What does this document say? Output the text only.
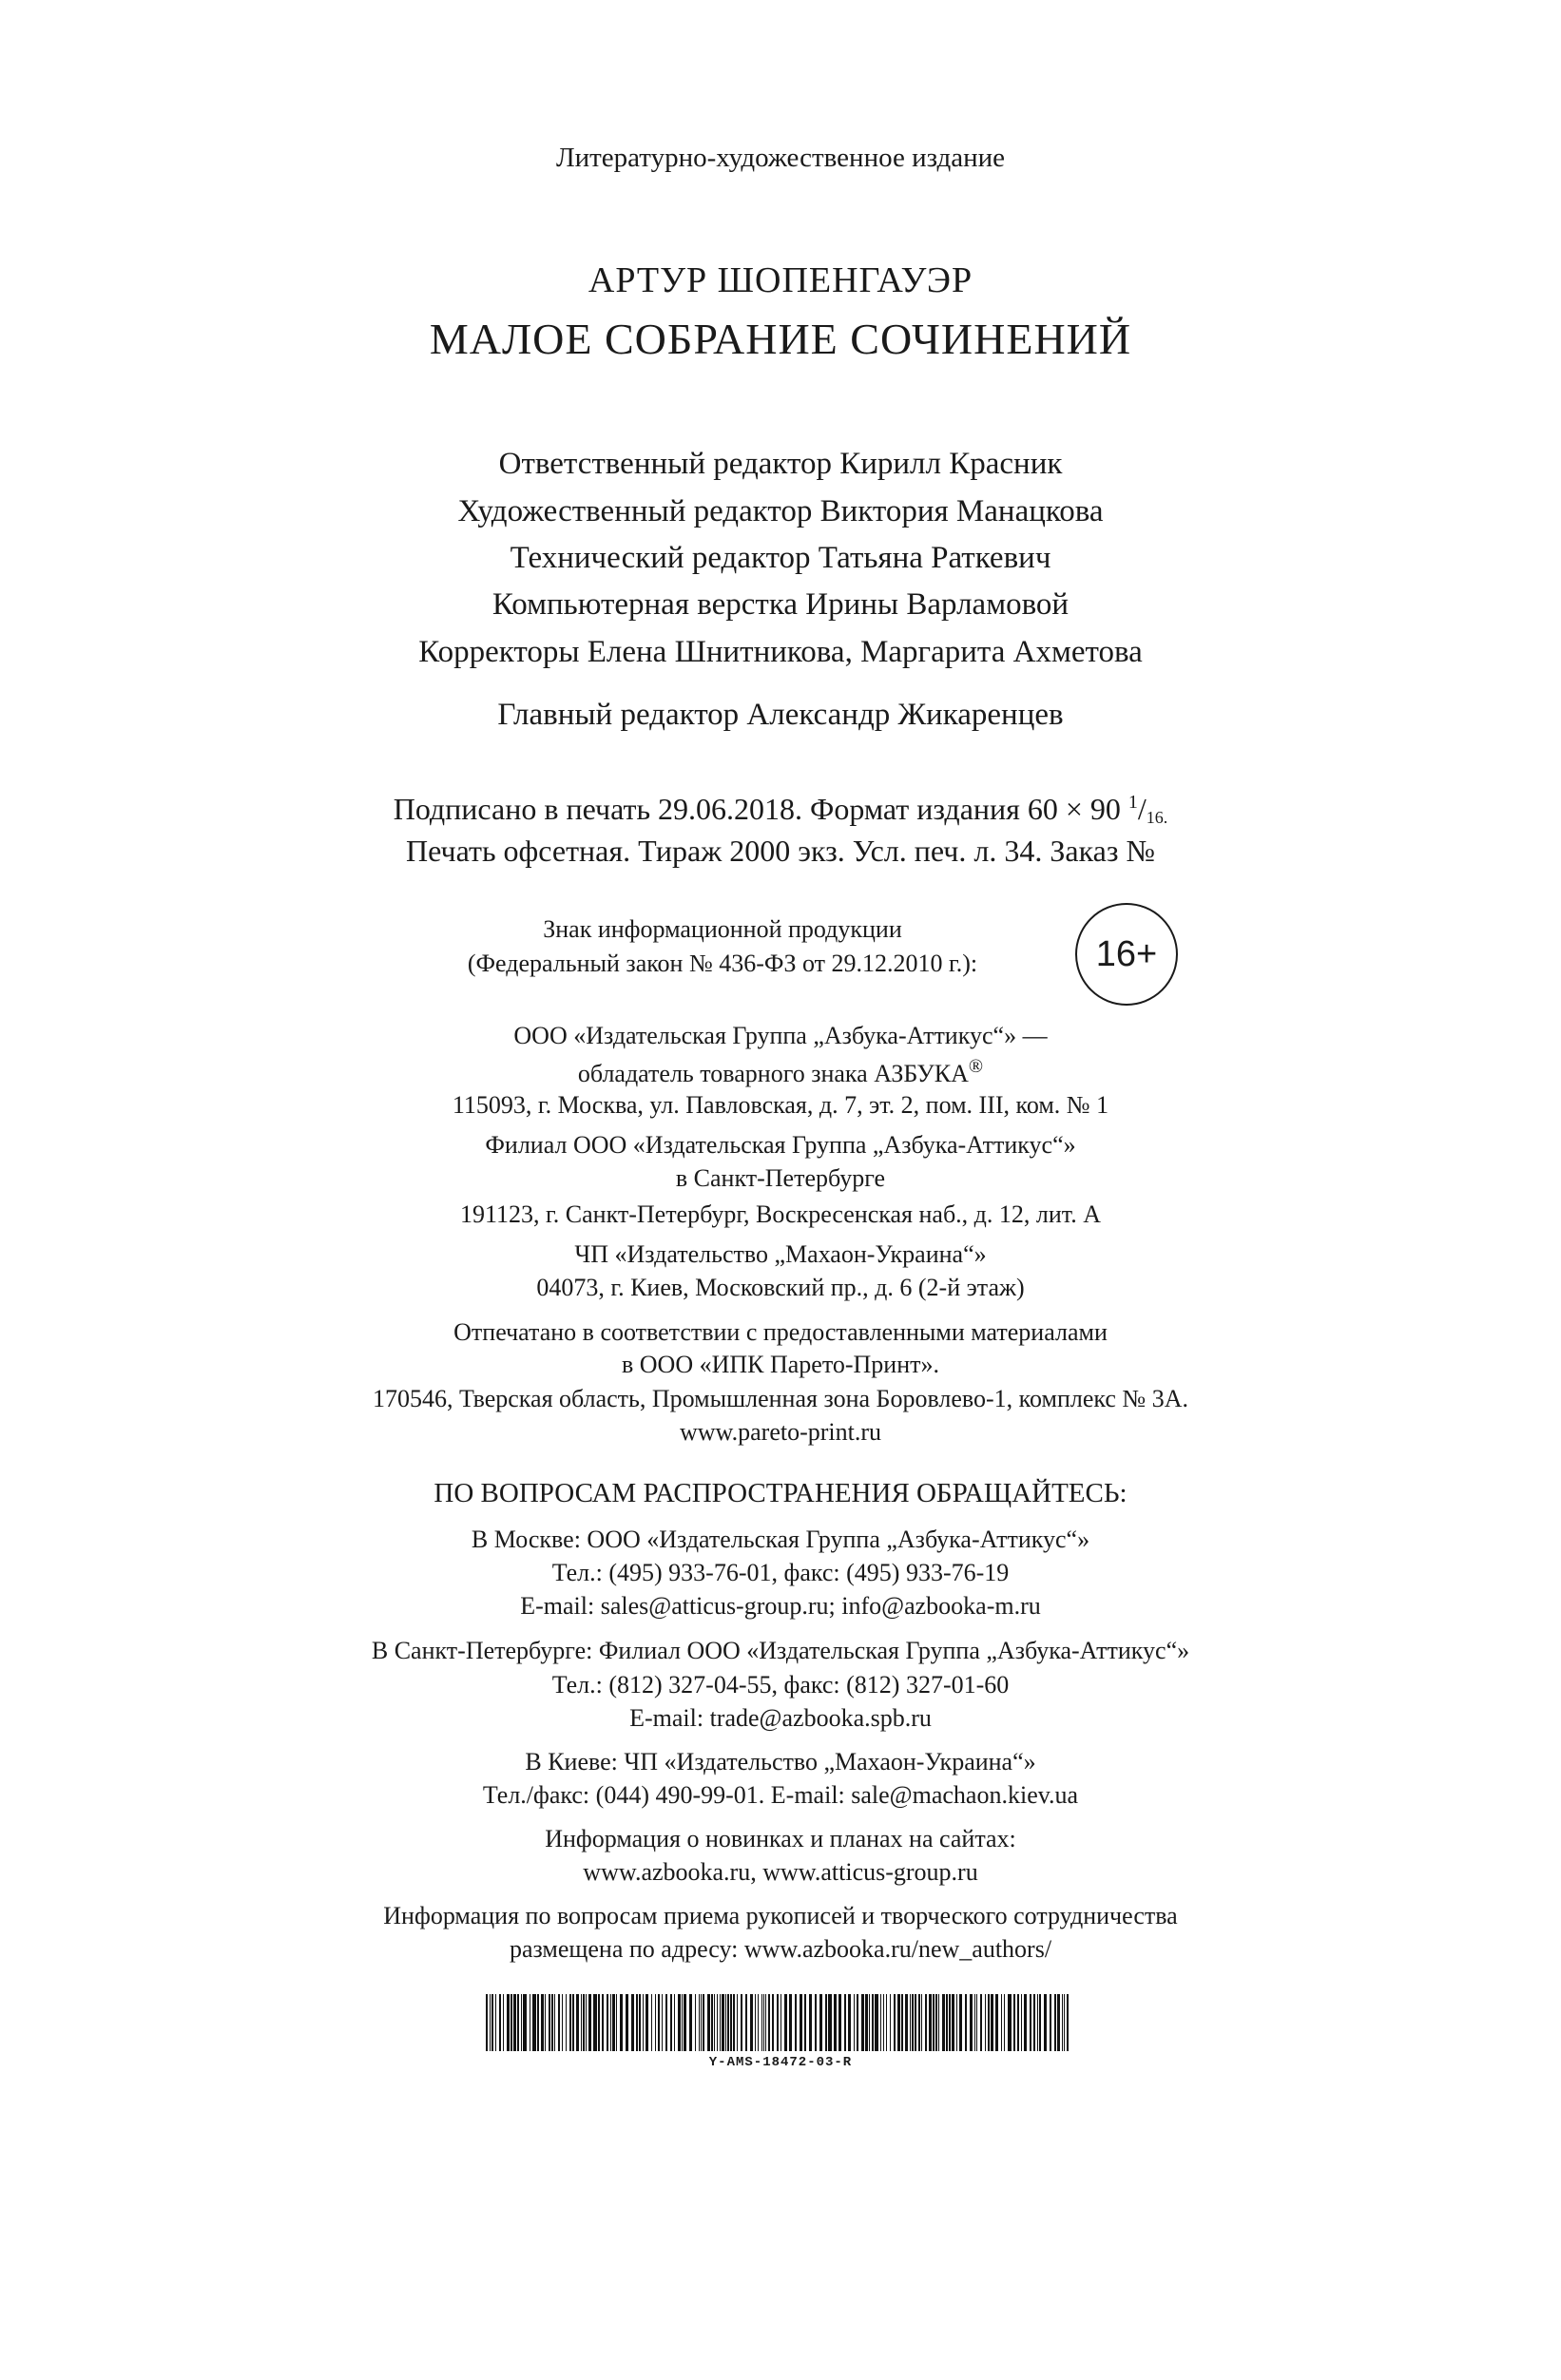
Литературно-художественное издание
АРТУР ШОПЕНГАУЭР
МАЛОЕ СОБРАНИЕ СОЧИНЕНИЙ
Ответственный редактор Кирилл Красник
Художественный редактор Виктория Манацкова
Технический редактор Татьяна Раткевич
Компьютерная верстка Ирины Варламовой
Корректоры Елена Шнитникова, Маргарита Ахметова
Главный редактор Александр Жикаренцев
Подписано в печать 29.06.2018. Формат издания 60 × 90 $^1/_{16.}$
Печать офсетная. Тираж 2000 экз. Усл. печ. л. 34. Заказ №
Знак информационной продукции
(Федеральный закон № 436-ФЗ от 29.12.2010 г.):	16+
ООО «Издательская Группа „Азбука-Аттикус“» —
обладатель товарного знака АЗБУКА®
115093, г. Москва, ул. Павловская, д. 7, эт. 2, пом. III, ком. № 1
Филиал ООО «Издательская Группа „Азбука-Аттикус“»
в Санкт-Петербурге
191123, г. Санкт-Петербург, Воскресенская наб., д. 12, лит. А
ЧП «Издательство „Махаон-Украина“»
04073, г. Киев, Московский пр., д. 6 (2-й этаж)
Отпечатано в соответствии с предоставленными материалами
в ООО «ИПК Парето-Принт».
170546, Тверская область, Промышленная зона Боровлево-1, комплекс № 3А.
www.pareto-print.ru
ПО ВОПРОСАМ РАСПРОСТРАНЕНИЯ ОБРАЩАЙТЕСЬ:
В Москве: ООО «Издательская Группа „Азбука-Аттикус“»
Тел.: (495) 933-76-01, факс: (495) 933-76-19
E-mail: sales@atticus-group.ru; info@azbooka-m.ru
В Санкт-Петербурге: Филиал ООО «Издательская Группа „Азбука-Аттикус“»
Тел.: (812) 327-04-55, факс: (812) 327-01-60
E-mail: trade@azbooka.spb.ru
В Киеве: ЧП «Издательство „Махаон-Украина“»
Тел./факс: (044) 490-99-01. E-mail: sale@machaon.kiev.ua
Информация о новинках и планах на сайтах:
www.azbooka.ru, www.atticus-group.ru
Информация по вопросам приема рукописей и творческого сотрудничества
размещена по адресу: www.azbooka.ru/new_authors/
Y-AMS-18472-03-R
